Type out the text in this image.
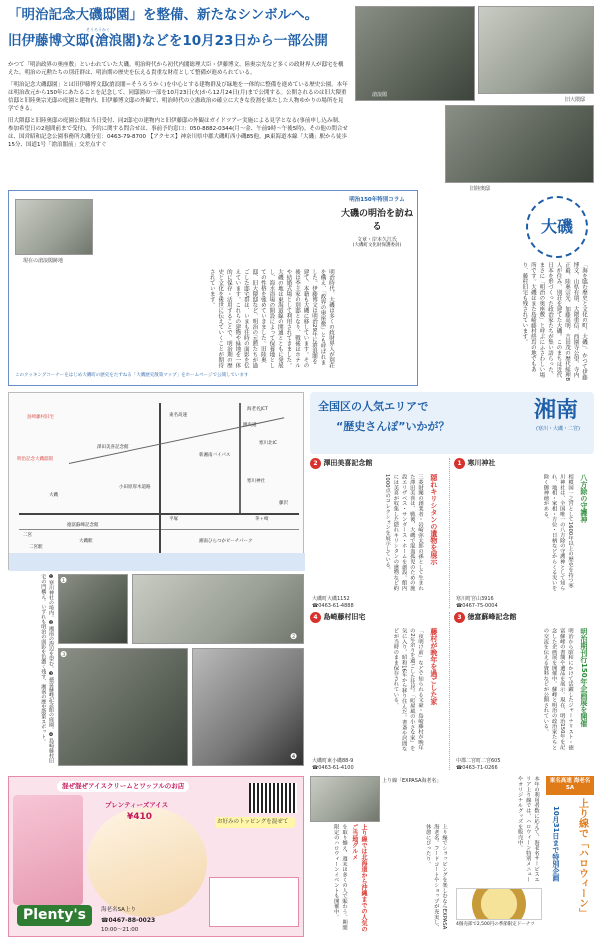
「明治記念大磯邸園」を整備、新たなシンボルへ。
そうろうかく
旧伊藤博文邸(滄浪閣)などを10月23日から一部公開
滄浪閣
旧大隈邸
旧陸奥邸

かつて「明治政界の奥座敷」といわれていた大磯。明治時代から初代内閣総理大臣・伊藤博文、陸奥宗光など多くの政財界人が邸宅を構えた。明治の元勲たちの別荘群は、明治期の歴史を伝える貴重な財産として整備が進められている。

「明治記念大磯邸園」とは旧伊藤博文邸(滄浪閣＝そうろうかく)を中心とする建物群及び緑地を一体的に整備を進めている歴史公園。本年は明治改元から150年にあたることを記念して、同邸園の一部を10月23日(火)から12月24日(月)まで公開する。公開されるのは旧大隈重信邸と旧陸奥宗光邸の庭園と建物内、旧伊藤博文邸の外観で、明治時代の立憲政治の確立に大きな役割を果たした人物ゆかりの場所を見学できる。

旧大隈邸と旧陸奥邸の庭園公開は当日受付、同2邸宅の建物内と旧伊藤邸の外観はガイドツアー実施による見学となる(事前申し込み制、参加希望日の2週間前まで受付)。予約に関する問合せは、事前予約窓口：050-8882-0344(月〜金、午前9時〜午後5時)。その他の問合せは、国営昭和記念公園事務所大磯分室：0463-79-8700 【アクセス】神奈川県中郡大磯町西小磯85他。JR東海道本線「大磯」駅から徒歩15分、国道1号「滄浪閣前」交差点すぐ

現在の滄浪閣跡地
明治時代、大磯は多くの政財界人が別荘を構え、「政界の奥座敷」とも呼ばれました。伊藤博文は明治29年に滄浪閣を建て、本籍も大磯に移しています。その後は李王家の別邸となり、戦後はホテルや結婚式場として利用されてきました。大磯の地は東海道線の開通とともに発展し、海水浴場の開設によって保養地としての性格を強めていきました。旧陸奥邸、旧大隈邸など、明治の元勲たちが過ごした邸宅群は、いまも往時の面影を伝えています。これらの建物や緑地を一体的に保存・活用することで、明治期の歴史と文化を後世に伝えていくことが期待されています。
明治150年特別コラム
大磯の明治を訪ねる
文章・岸本久江氏
(大磯町文化財保護委員)
このクッキングコーナーをはじめ大磯町の歴史をたずねる「大磯歴史散策マップ」をホームページで公開しています
大磯
「海を臨む歴史と文化の町、大磯」。かつて伊藤博文、山県有朋、大隈重信、西園寺公望、寺内正毅、陸奥宗光、加藤高明、吉田茂の歴代総理8人が住み、別荘を建てた大磯。このまちは近代日本を形づくった政治家たちが集い語らった、まさに「明治の奥座敷」と呼ぶにふさわしい場所です。大磯はまた島崎藤村終焉の地でもあり、藤村旧宅も残されています。
島崎藤村旧宅
明治記念大磯邸園
澤田美喜記念館
寒川神社
徳富蘇峰記念館
大磯
二宮
茅ヶ崎
平塚
藤沢
小田原厚木道路
新湘南バイパス
圏央道
東名高速
海老名JCT
寒川北IC
大磯駅
二宮駅
湘南ひらつかビーチパーク
全国区の人気エリアで
“歴史さんぽ”いかが？
湘南
(寒川・大磯・二宮)
2 澤田美喜記念館
隠れキリシタンの遺物を展示
三菱財閥の創業者・岩崎弥太郎の孫として生まれた澤田美喜は、戦後、大磯で混血孤児のための施設エリザベス・サンダース・ホームを創設。館内には美喜が収集した隠れキリシタンの遺物など約1000点のコレクションを展示している。
大磯町大磯1152
☎0463-61-4888
1 寒川神社
八方除の守護神
相模国一之宮として1600年以上の歴史を持つ寒川神社は、全国唯一の八方除の守護神として知られ、地相・家相・方位・日柄などからくる災いを除く御神徳がある。
寒川町宮山3916
☎0467-75-0004
4 島崎藤村旧宅
藤村が晩年を過ごした家
「夜明け前」などで知られる文豪・島崎藤村が晩年の2年余りを過ごした住居。「町屋風の小さな家」を気に入り、昭和16年から移り住んだ。書斎や居間などが当時のまま保存されている。
大磯町東小磯88-9
☎0463-61-4100
3 徳富蘇峰記念館
明治期刊行150年企画展を開催
明治から昭和にかけて活躍したジャーナリスト・徳富蘇峰の書簡や遺品を展示。現在、明治150年を記念した企画展を開催中。蘇峰と明治の政治家たちとの交流を伝える資料などが公開されている。
中郡二宮町二宮605
☎0463-71-0266
❶寒川神社の境内。❷湘南の海辺を望む。❸徳富蘇峰記念館の庭園。❹島崎藤村旧宅の門構え。いずれも明治の面影を色濃く残す、湘南の歴史散策スポット。	❶
❷
❸
❹
混ぜ混ぜアイスクリームとワッフルのお店
プレンティーズアイス
¥410	お好みのトッピングを混ぜて
Plenty's	海老名SA上り
☎0467-88-0023
10:00〜21:00
上り線「EXPASA海老名」
上り線でショッピングを楽しむならEXPASA海老名。フードコートやショップが充実し、休憩にぴったり。
上り線では北海道から沖縄までの人気のご当地グルメ
を取り揃え、週末は多くの人で賑わう。期間限定のハロウィーンイベントも開催中。	本年の利用者数に応えて、海老名サービスエリア上り線では、ハロウィーン特別メニューやオリジナルグッズを販売中。	東名高速 海老名SA
上り線で「ハロウィーン」
10月31日まで特別企画
4個売部で2,500円の季節限定ドーナツ
